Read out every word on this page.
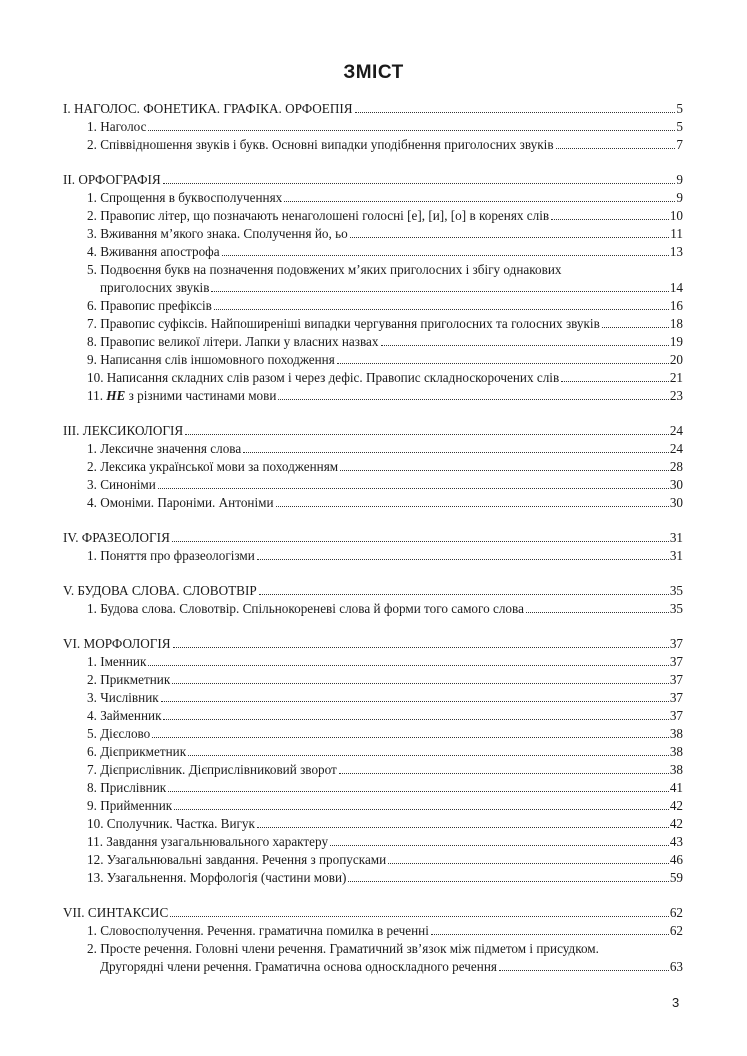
ЗМІСТ
І. НАГОЛОС. ФОНЕТИКА. ГРАФІКА. ОРФОЕПІЯ	5
1. Наголос	5
2. Співвідношення звуків і букв. Основні випадки уподібнення приголосних звуків	7
ІІ. ОРФОГРАФІЯ	9
1. Спрощення в буквосполученнях	9
2. Правопис літер, що позначають ненаголошені голосні [е], [и], [о] в коренях слів	10
3. Вживання м’якого знака. Сполучення йо, ьо	11
4. Вживання апострофа	13
5. Подвоєння букв на позначення подовжених м’яких приголосних і збігу однакових
приголосних звуків	14
6. Правопис префіксів	16
7. Правопис суфіксів. Найпоширеніші випадки чергування приголосних та голосних звуків	18
8. Правопис великої літери. Лапки у власних назвах	19
9. Написання слів іншомовного походження	20
10. Написання складних слів разом і через дефіс. Правопис складноскорочених слів	21
11. НЕ з різними частинами мови	23
ІІІ. ЛЕКСИКОЛОГІЯ	24
1. Лексичне значення слова	24
2. Лексика української мови за походженням	28
3. Синоніми	30
4. Омоніми. Пароніми. Антоніми	30
ІV. ФРАЗЕОЛОГІЯ	31
1. Поняття про фразеологізми	31
V. БУДОВА СЛОВА. СЛОВОТВІР	35
1. Будова слова. Словотвір. Спільнокореневі слова й форми того самого слова	35
VI. МОРФОЛОГІЯ	37
1. Іменник	37
2. Прикметник	37
3. Числівник	37
4. Займенник	37
5. Дієслово	38
6. Дієприкметник	38
7. Дієприслівник. Дієприслівниковий зворот	38
8. Прислівник	41
9. Прийменник	42
10. Сполучник. Частка. Вигук	42
11. Завдання узагальнювального характеру	43
12. Узагальнювальні завдання. Речення з пропусками	46
13. Узагальнення. Морфологія (частини мови)	59
VII. СИНТАКСИС	62
1. Словосполучення. Речення. граматична помилка в реченні	62
2. Просте речення. Головні члени речення. Граматичний зв’язок між підметом і присудком.
Другорядні члени речення. Граматична основа односкладного речення	63
3
